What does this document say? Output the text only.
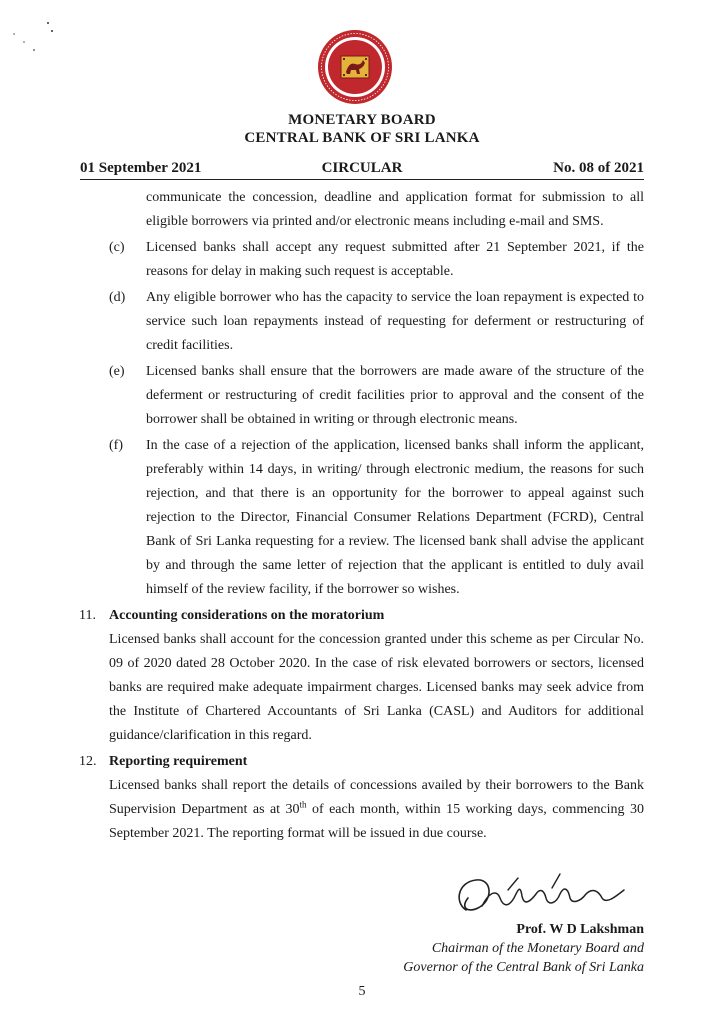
MONETARY BOARD
CENTRAL BANK OF SRI LANKA
01 September 2021	CIRCULAR	No. 08 of 2021
communicate the concession, deadline and application format for submission to all eligible borrowers via printed and/or electronic means including e-mail and SMS.
(c) Licensed banks shall accept any request submitted after 21 September 2021, if the reasons for delay in making such request is acceptable.
(d) Any eligible borrower who has the capacity to service the loan repayment is expected to service such loan repayments instead of requesting for deferment or restructuring of credit facilities.
(e) Licensed banks shall ensure that the borrowers are made aware of the structure of the deferment or restructuring of credit facilities prior to approval and the consent of the borrower shall be obtained in writing or through electronic means.
(f) In the case of a rejection of the application, licensed banks shall inform the applicant, preferably within 14 days, in writing/ through electronic medium, the reasons for such rejection, and that there is an opportunity for the borrower to appeal against such rejection to the Director, Financial Consumer Relations Department (FCRD), Central Bank of Sri Lanka requesting for a review. The licensed bank shall advise the applicant by and through the same letter of rejection that the applicant is entitled to duly avail himself of the review facility, if the borrower so wishes.
11. Accounting considerations on the moratorium
Licensed banks shall account for the concession granted under this scheme as per Circular No. 09 of 2020 dated 28 October 2020. In the case of risk elevated borrowers or sectors, licensed banks are required make adequate impairment charges. Licensed banks may seek advice from the Institute of Chartered Accountants of Sri Lanka (CASL) and Auditors for additional guidance/clarification in this regard.
12. Reporting requirement
Licensed banks shall report the details of concessions availed by their borrowers to the Bank Supervision Department as at 30th of each month, within 15 working days, commencing 30 September 2021. The reporting format will be issued in due course.
Prof. W D Lakshman
Chairman of the Monetary Board and
Governor of the Central Bank of Sri Lanka
5
